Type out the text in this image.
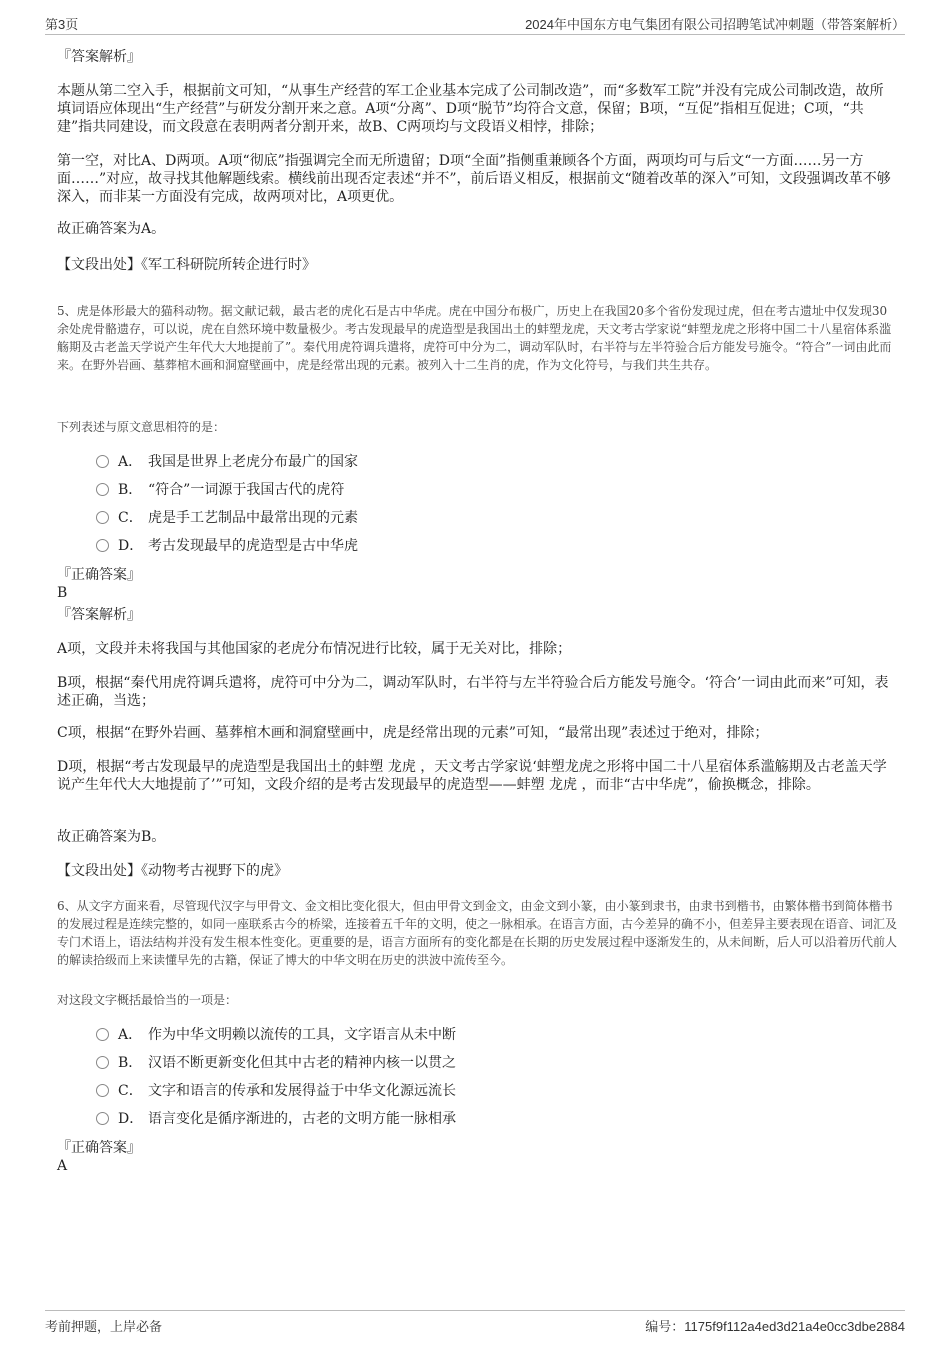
第3页	2024年中国东方电气集团有限公司招聘笔试冲刺题（带答案解析）

『答案解析』

本题从第二空入手，根据前文可知，“从事生产经营的军工企业基本完成了公司制改造”，而“多数军工院”并没有完成公司制改造，故所填词语应体现出“生产经营”与研发分割开来之意。A项“分离”、D项“脱节”均符合文意，保留；B项，“互促”指相互促进；C项，“共建”指共同建设，而文段意在表明两者分割开来，故B、C两项均与文段语义相悖，排除；

第一空，对比A、D两项。A项“彻底”指强调完全而无所遗留；D项“全面”指侧重兼顾各个方面，两项均可与后文“一方面……另一方面……”对应，故寻找其他解题线索。横线前出现否定表述“并不”，前后语义相反，根据前文“随着改革的深入”可知，文段强调改革不够深入，而非某一方面没有完成，故两项对比，A项更优。

故正确答案为A。

【文段出处】《军工科研院所转企进行时》

5、虎是体形最大的猫科动物。据文献记载，最古老的虎化石是古中华虎。虎在中国分布极广，历史上在我国20多个省份发现过虎，但在考古遗址中仅发现30余处虎骨骼遗存，可以说，虎在自然环境中数量极少。考古发现最早的虎造型是我国出土的蚌塑龙虎，天文考古学家说“蚌塑龙虎之形将中国二十八星宿体系滥觞期及古老盖天学说产生年代大大地提前了”。秦代用虎符调兵遣将，虎符可中分为二，调动军队时，右半符与左半符验合后方能发号施令。“符合”一词由此而来。在野外岩画、墓葬棺木画和洞窟壁画中，虎是经常出现的元素。被列入十二生肖的虎，作为文化符号，与我们共生共存。

下列表述与原文意思相符的是：

A． 我国是世界上老虎分布最广的国家
B． “符合”一词源于我国古代的虎符
C． 虎是手工艺制品中最常出现的元素
D． 考古发现最早的虎造型是古中华虎

『正确答案』

B

『答案解析』

A项，文段并未将我国与其他国家的老虎分布情况进行比较，属于无关对比，排除；

B项，根据“秦代用虎符调兵遣将，虎符可中分为二，调动军队时，右半符与左半符验合后方能发号施令。‘符合’一词由此而来”可知，表述正确，当选；

C项，根据“在野外岩画、墓葬棺木画和洞窟壁画中，虎是经常出现的元素”可知，“最常出现”表述过于绝对，排除；

D项，根据“考古发现最早的虎造型是我国出土的蚌塑 龙虎 ，天文考古学家说‘蚌塑龙虎之形将中国二十八星宿体系滥觞期及古老盖天学说产生年代大大地提前了’”可知，文段介绍的是考古发现最早的虎造型——蚌塑 龙虎 ，而非“古中华虎”，偷换概念，排除。

故正确答案为B。

【文段出处】《动物考古视野下的虎》

6、从文字方面来看，尽管现代汉字与甲骨文、金文相比变化很大，但由甲骨文到金文，由金文到小篆，由小篆到隶书，由隶书到楷书，由繁体楷书到简体楷书的发展过程是连续完整的，如同一座联系古今的桥梁，连接着五千年的文明，使之一脉相承。在语言方面，古今差异的确不小，但差异主要表现在语音、词汇及专门术语上，语法结构并没有发生根本性变化。更重要的是，语言方面所有的变化都是在长期的历史发展过程中逐渐发生的，从未间断，后人可以沿着历代前人的解读拾级而上来读懂早先的古籍，保证了博大的中华文明在历史的洪波中流传至今。

对这段文字概括最恰当的一项是：

A． 作为中华文明赖以流传的工具，文字语言从未中断
B． 汉语不断更新变化但其中古老的精神内核一以贯之
C． 文字和语言的传承和发展得益于中华文化源远流长
D． 语言变化是循序渐进的，古老的文明方能一脉相承

『正确答案』

A

考前押题，上岸必备	编号：1175f9f112a4ed3d21a4e0cc3dbe2884
